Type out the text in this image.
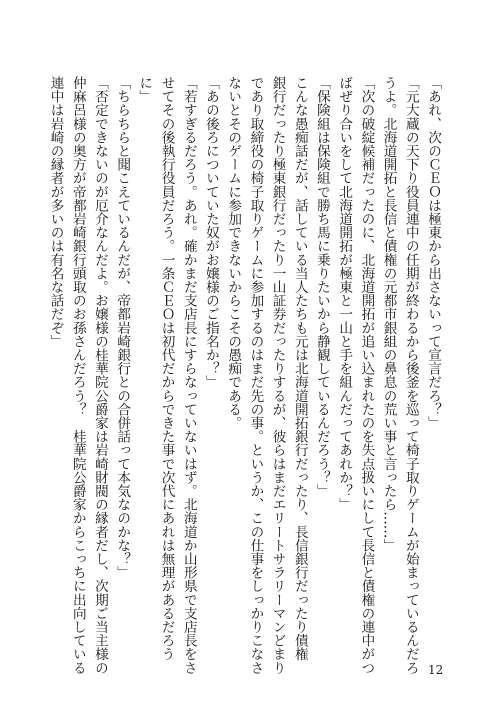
「あれ、次のＣＥＯは極東から出さないって宣言だろ？」

「元大蔵の天下り役員連中の任期が終わるから後釜を巡って椅子取りゲームが始まっているんだろ

うよ。北海道開拓と長信と債権の元都市銀組の鼻息の荒い事と言ったら……」

「次の破綻候補だったのに、北海道開拓が追い込まれたのを失点扱いにして長信と債権の連中がつ

ばぜり合いをして北海道開拓が極東と一山と手を組んだってあれか？」

「保険組は保険組で勝ち馬に乗りたいから静観しているんだろう？」

こんな愚痴話だが、話している当人たちも元は北海道開拓銀行だったり、長信銀行だったり債権

銀行だったり極東銀行だったり一山証券だったりするが、彼らはまだエリートサラリーマンどまり

であり取締役の椅子取りゲームに参加するのはまだ先の事。というか、この仕事をしっかりこなさ

ないとそのゲームに参加できないからこその愚痴である。

「あの後ろについていた奴がお嬢様のご指名か？」

「若すぎるだろう。あれ。確かまだ支店長にすらなっていないはず。北海道か山形県で支店長をさ

せてその後執行役員だろう。一条ＣＥＯは初代だからできた事で次代にあれは無理があるだろう

に」

「ちらちらと聞こえているんだが、帝都岩崎銀行との合併話って本気なのかな？」

「否定できないのが厄介なんだよ。お嬢様の桂華院公爵家は岩崎財閥の縁者だし、次期ご当主様の

仲麻呂様の奥方が帝都岩崎銀行頭取のお孫さんだろう？　桂華院公爵家からこっちに出向している

連中は岩崎の縁者が多いのは有名な話だぞ」

12
